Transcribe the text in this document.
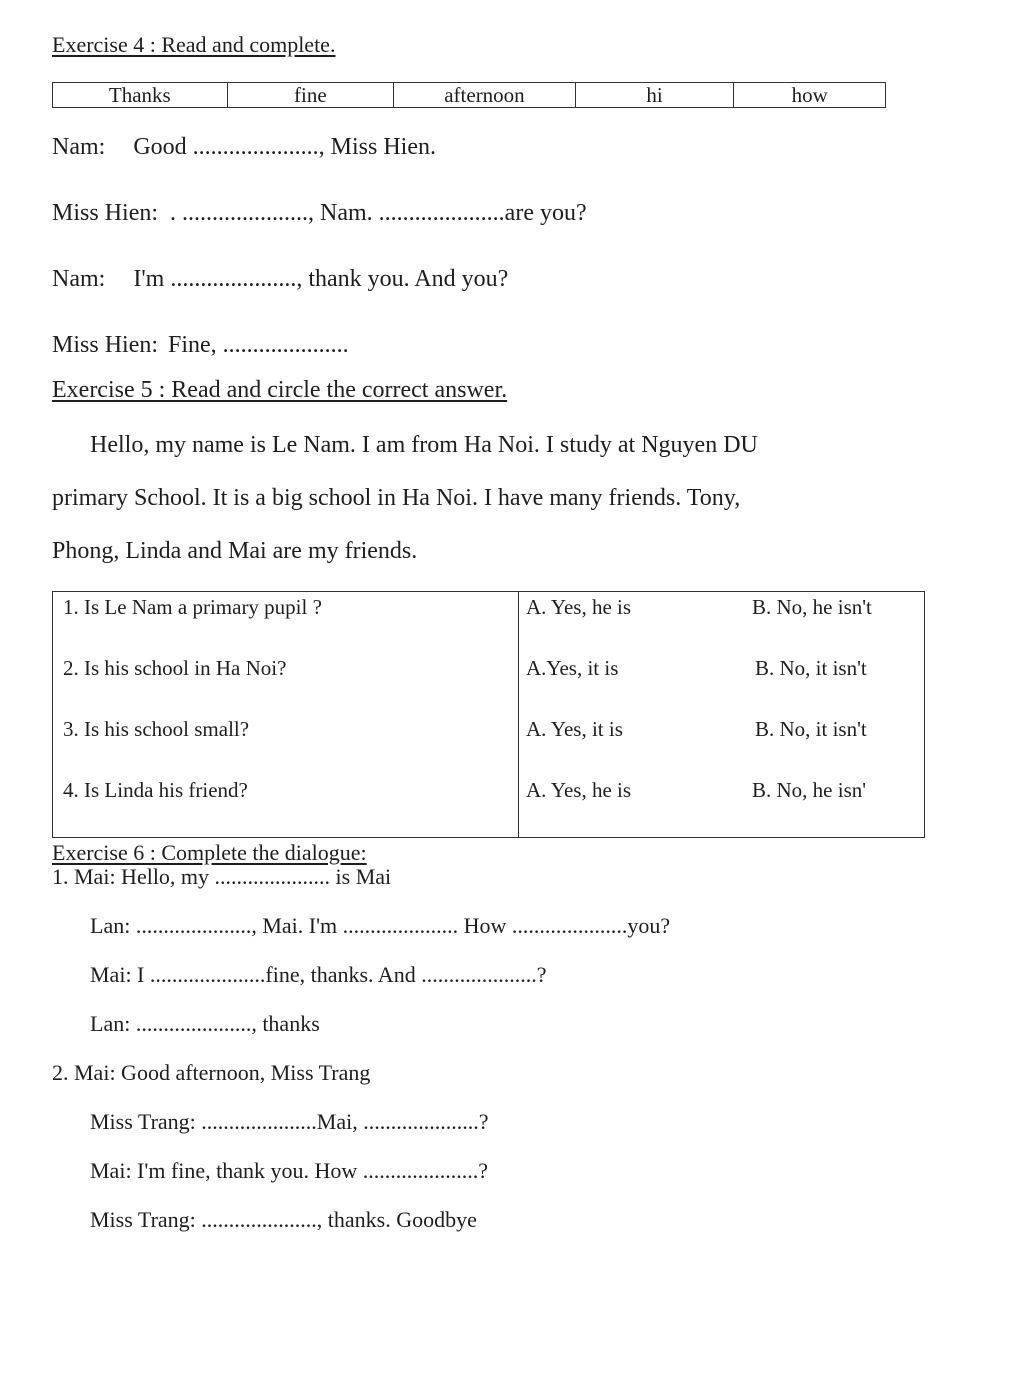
Exercise 4 : Read and complete.
Thanks	fine	afternoon	hi	how
Nam: Good ....................., Miss Hien.
Miss Hien: . ....................., Nam. .....................are you?
Nam: I'm ....................., thank you. And you?
Miss Hien: Fine, .....................
Exercise 5 : Read and circle the correct answer.
Hello, my name is Le Nam. I am from Ha Noi. I study at Nguyen DU
primary School. It is a big school in Ha Noi. I have many friends. Tony,
Phong, Linda and Mai are my friends.
1. Is Le Nam a primary pupil ?	A. Yes, he is	B. No, he isn't
2. Is his school in Ha Noi?	A.Yes, it is	B. No, it isn't
3. Is his school small?	A. Yes, it is	B. No, it isn't
4. Is Linda his friend?	A. Yes, he is	B. No, he isn'
Exercise 6 : Complete the dialogue:
1. Mai: Hello, my ..................... is Mai
Lan: ....................., Mai. I'm ..................... How .....................you?
Mai: I .....................fine, thanks. And .....................?
Lan: ....................., thanks
2. Mai: Good afternoon, Miss Trang
Miss Trang: .....................Mai, .....................?
Mai: I'm fine, thank you. How .....................?
Miss Trang: ....................., thanks. Goodbye
